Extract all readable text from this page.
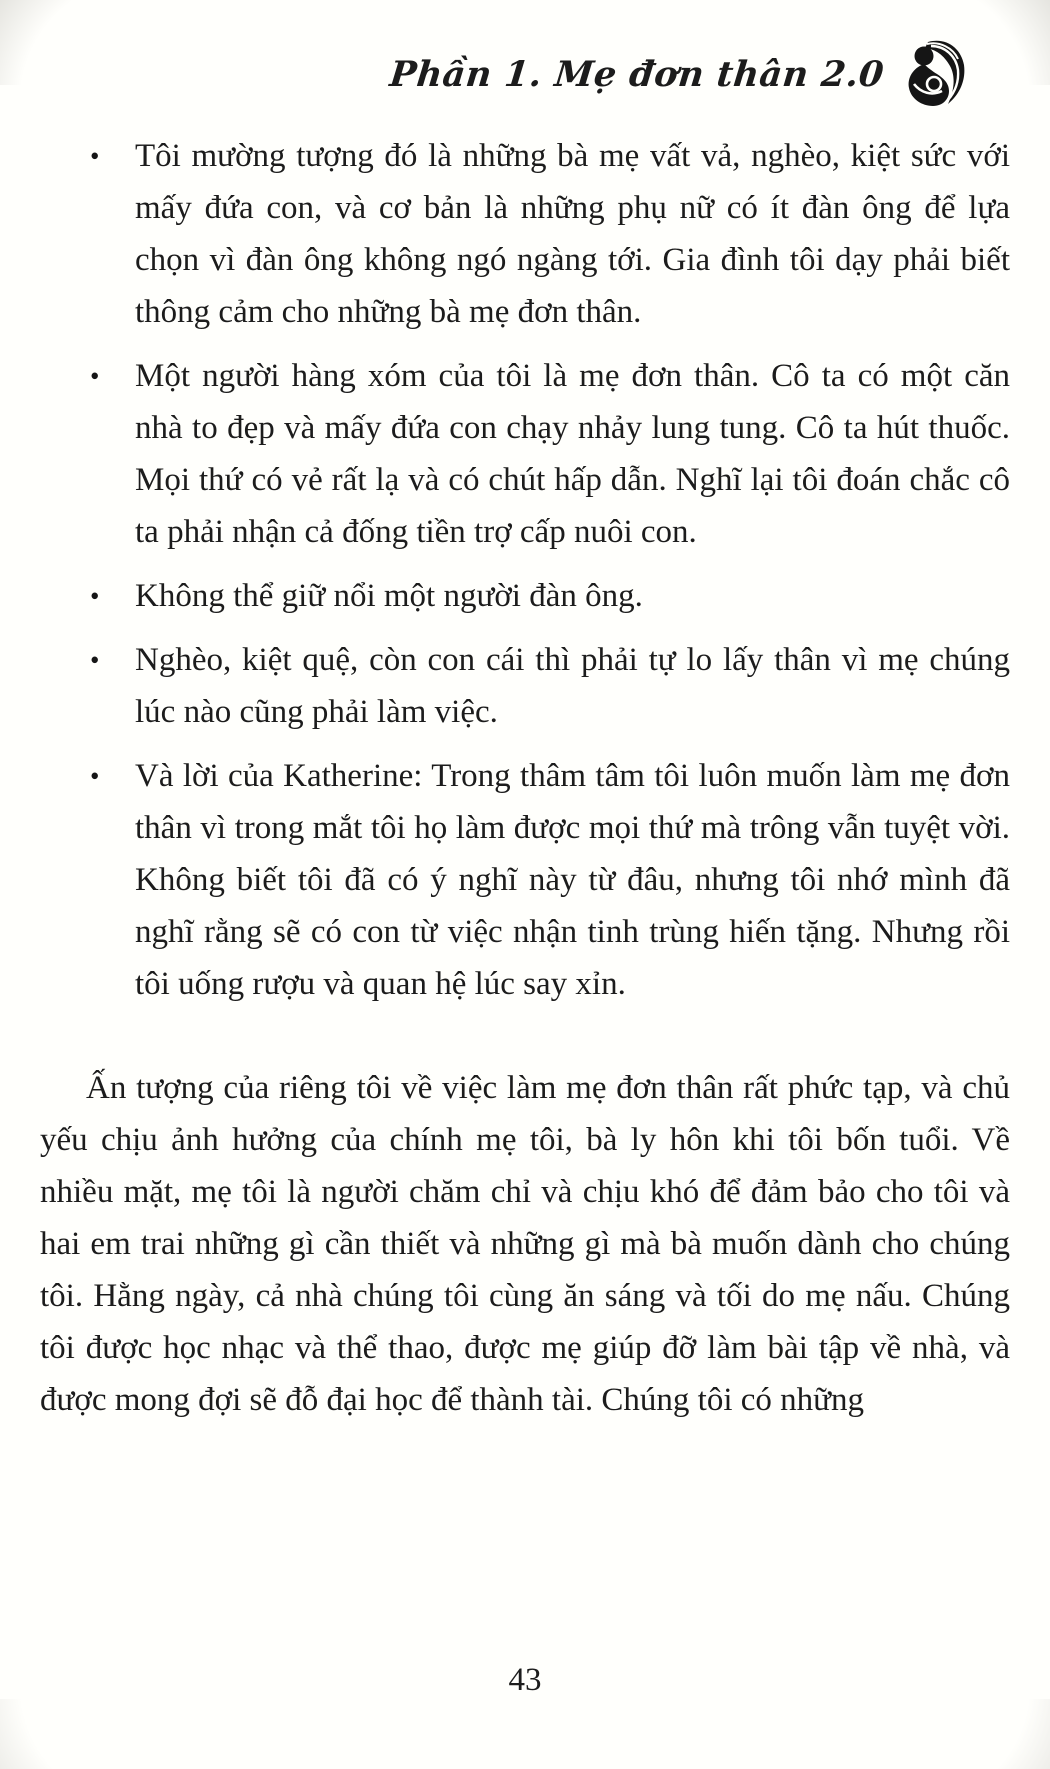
Phần 1. Mẹ đơn thân 2.0
•	Tôi mường tượng đó là những bà mẹ vất vả, nghèo, kiệt sức với mấy đứa con, và cơ bản là những phụ nữ có ít đàn ông để lựa chọn vì đàn ông không ngó ngàng tới. Gia đình tôi dạy phải biết thông cảm cho những bà mẹ đơn thân.
•	Một người hàng xóm của tôi là mẹ đơn thân. Cô ta có một căn nhà to đẹp và mấy đứa con chạy nhảy lung tung. Cô ta hút thuốc. Mọi thứ có vẻ rất lạ và có chút hấp dẫn. Nghĩ lại tôi đoán chắc cô ta phải nhận cả đống tiền trợ cấp nuôi con.
•	Không thể giữ nổi một người đàn ông.
•	Nghèo, kiệt quệ, còn con cái thì phải tự lo lấy thân vì mẹ chúng lúc nào cũng phải làm việc.
•	Và lời của Katherine: Trong thâm tâm tôi luôn muốn làm mẹ đơn thân vì trong mắt tôi họ làm được mọi thứ mà trông vẫn tuyệt vời. Không biết tôi đã có ý nghĩ này từ đâu, nhưng tôi nhớ mình đã nghĩ rằng sẽ có con từ việc nhận tinh trùng hiến tặng. Nhưng rồi tôi uống rượu và quan hệ lúc say xỉn.

Ấn tượng của riêng tôi về việc làm mẹ đơn thân rất phức tạp, và chủ yếu chịu ảnh hưởng của chính mẹ tôi, bà ly hôn khi tôi bốn tuổi. Về nhiều mặt, mẹ tôi là người chăm chỉ và chịu khó để đảm bảo cho tôi và hai em trai những gì cần thiết và những gì mà bà muốn dành cho chúng tôi. Hằng ngày, cả nhà chúng tôi cùng ăn sáng và tối do mẹ nấu. Chúng tôi được học nhạc và thể thao, được mẹ giúp đỡ làm bài tập về nhà, và được mong đợi sẽ đỗ đại học để thành tài. Chúng tôi có những

43
